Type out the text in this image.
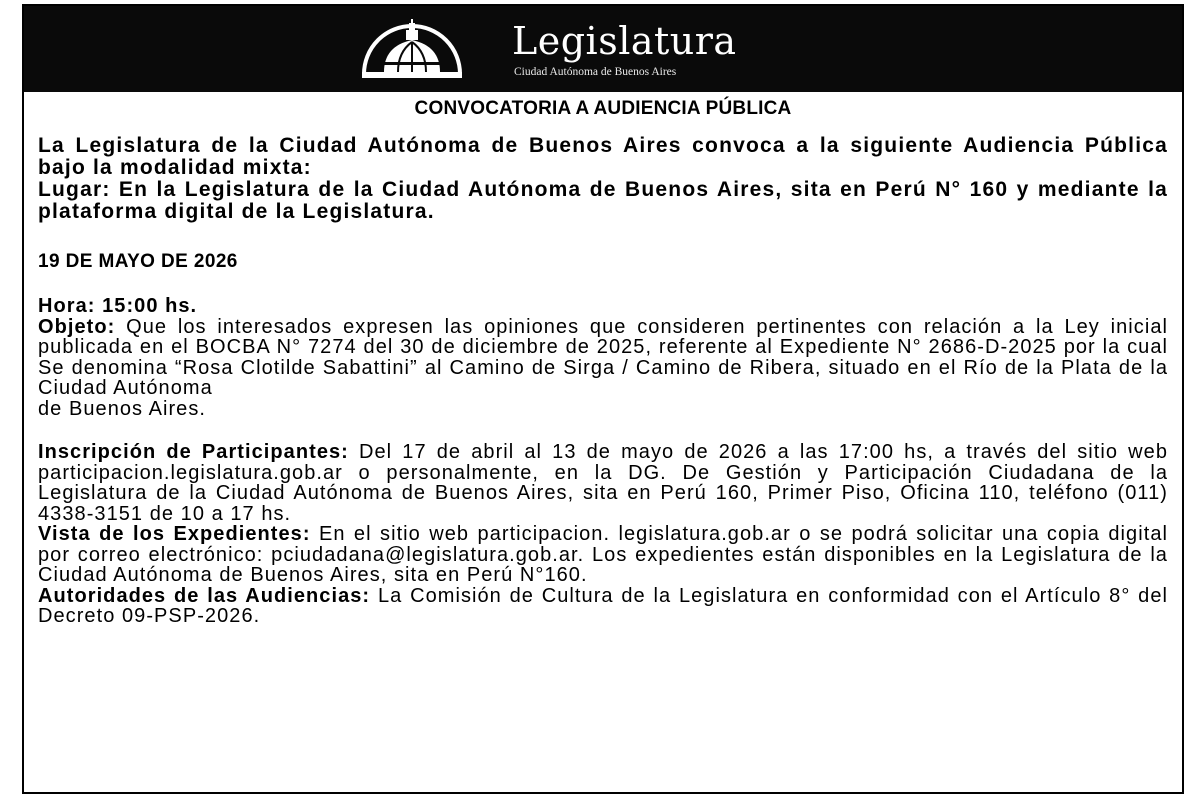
Legislatura
Ciudad Autónoma de Buenos Aires
CONVOCATORIA A AUDIENCIA PÚBLICA
La Legislatura de la Ciudad Autónoma de Buenos Aires convoca a la siguiente Audiencia Pública bajo la modalidad mixta:
Lugar: En la Legislatura de la Ciudad Autónoma de Buenos Aires, sita en Perú N° 160 y mediante la plataforma digital de la Legislatura.
19 DE MAYO DE 2026
Hora: 15:00 hs.
Objeto: Que los interesados expresen las opiniones que consideren pertinentes con relación a la Ley inicial publicada en el BOCBA N° 7274 del 30 de diciembre de 2025, referente al Expediente N° 2686-D-2025 por la cual Se denomina “Rosa Clotilde Sabattini” al Camino de Sirga / Camino de Ribera, situado en el Río de la Plata de la Ciudad Autónoma
de Buenos Aires.
Inscripción de Participantes: Del 17 de abril al 13 de mayo de 2026 a las 17:00 hs, a través del sitio web participacion.legislatura.gob.ar o personalmente, en la DG. De Gestión y Participación Ciudadana de la Legislatura de la Ciudad Autónoma de Buenos Aires, sita en Perú 160, Primer Piso, Oficina 110, teléfono (011) 4338-3151 de 10 a 17 hs.
Vista de los Expedientes: En el sitio web participacion. legislatura.gob.ar o se podrá solicitar una copia digital por correo electrónico: pciudadana@legislatura.gob.ar. Los expedientes están disponibles en la Legislatura de la Ciudad Autónoma de Buenos Aires, sita en Perú N°160.
Autoridades de las Audiencias: La Comisión de Cultura de la Legislatura en conformidad con el Artículo 8° del Decreto 09-PSP-2026.
